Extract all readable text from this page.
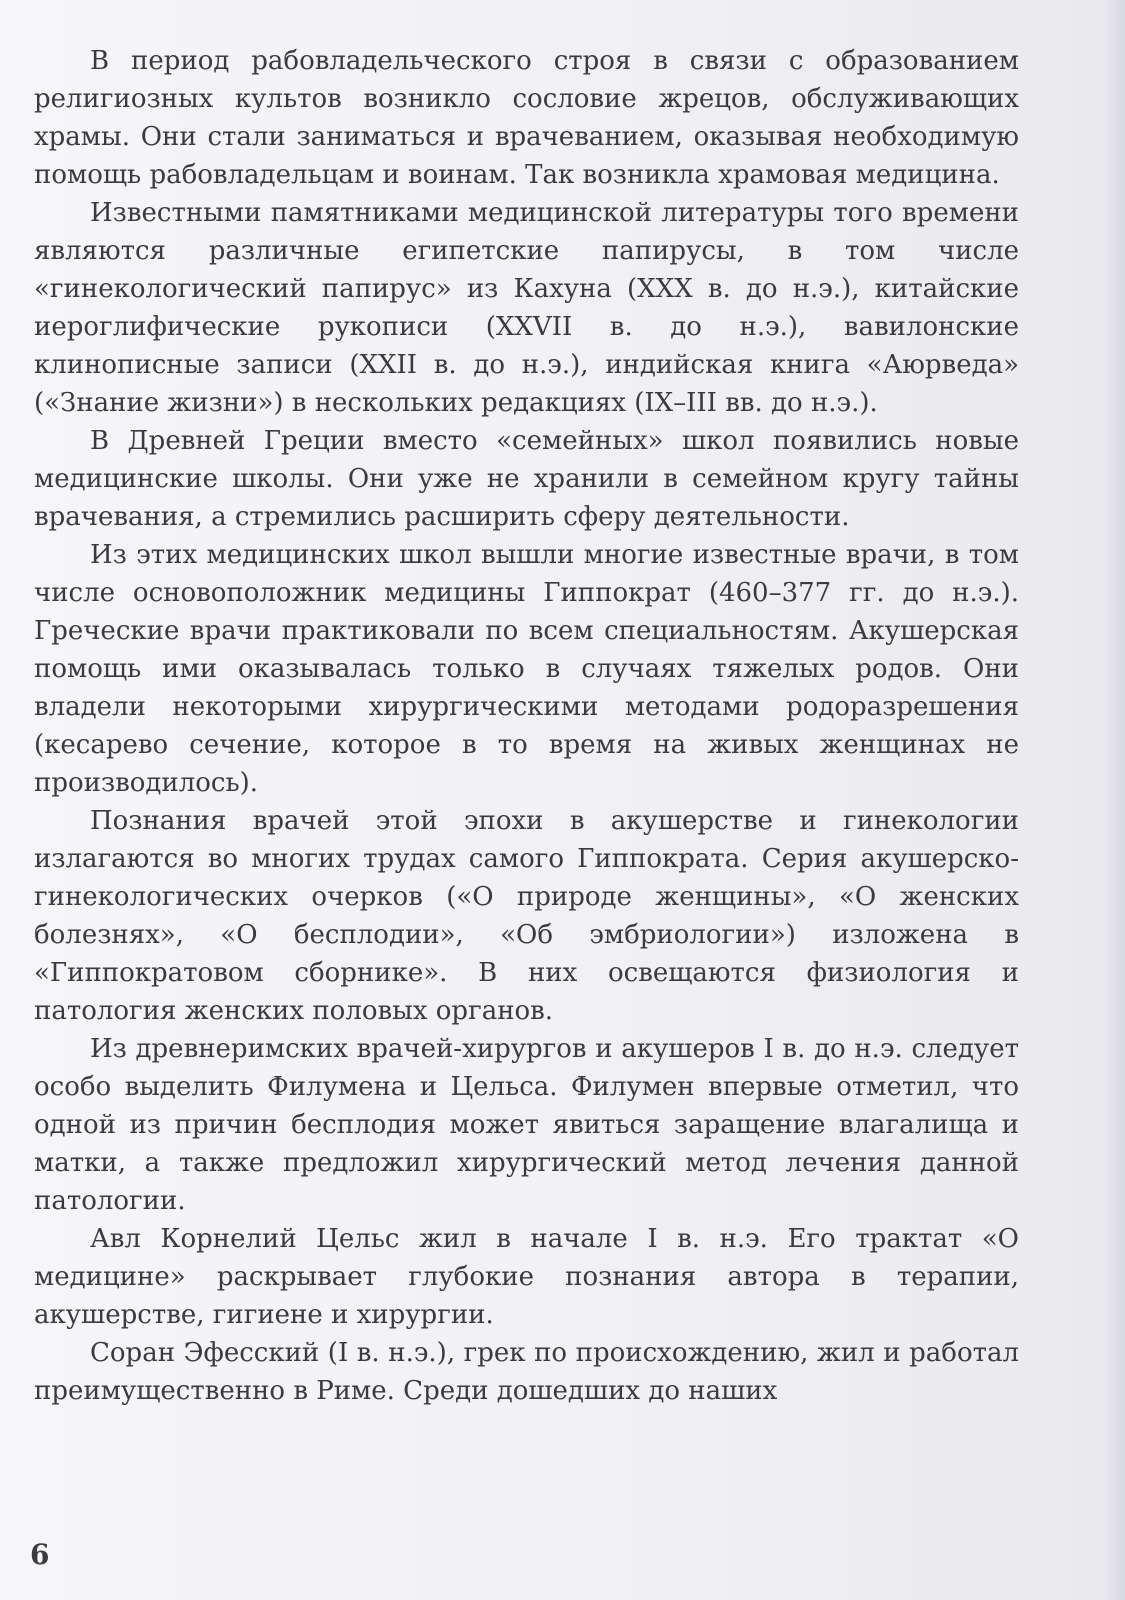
В период рабовладельческого строя в связи с образованием религиозных культов возникло сословие жрецов, обслуживающих храмы. Они стали заниматься и врачеванием, оказывая необходимую помощь рабовладельцам и воинам. Так возникла храмовая медицина.

Известными памятниками медицинской литературы того времени являются различные египетские папирусы, в том числе «гинекологический папирус» из Кахуна (XXX в. до н.э.), китайские иероглифические рукописи (XXVII в. до н.э.), вавилонские клинописные записи (XXII в. до н.э.), индийская книга «Аюрведа» («Знание жизни») в нескольких редакциях (IX–III вв. до н.э.).

В Древней Греции вместо «семейных» школ появились новые медицинские школы. Они уже не хранили в семейном кругу тайны врачевания, а стремились расширить сферу деятельности.

Из этих медицинских школ вышли многие известные врачи, в том числе основоположник медицины Гиппократ (460–377 гг. до н.э.). Греческие врачи практиковали по всем специальностям. Акушерская помощь ими оказывалась только в случаях тяжелых родов. Они владели некоторыми хирургическими методами родоразрешения (кесарево сечение, которое в то время на живых женщинах не производилось).

Познания врачей этой эпохи в акушерстве и гинекологии излагаются во многих трудах самого Гиппократа. Серия акушерско-гинекологических очерков («О природе женщины», «О женских болезнях», «О бесплодии», «Об эмбриологии») изложена в «Гиппократовом сборнике». В них освещаются физиология и патология женских половых органов.

Из древнеримских врачей-хирургов и акушеров I в. до н.э. следует особо выделить Филумена и Цельса. Филумен впервые отметил, что одной из причин бесплодия может явиться заращение влагалища и матки, а также предложил хирургический метод лечения данной патологии.

Авл Корнелий Цельс жил в начале I в. н.э. Его трактат «О медицине» раскрывает глубокие познания автора в терапии, акушерстве, гигиене и хирургии.

Соран Эфесский (I в. н.э.), грек по происхождению, жил и работал преимущественно в Риме. Среди дошедших до наших

6
